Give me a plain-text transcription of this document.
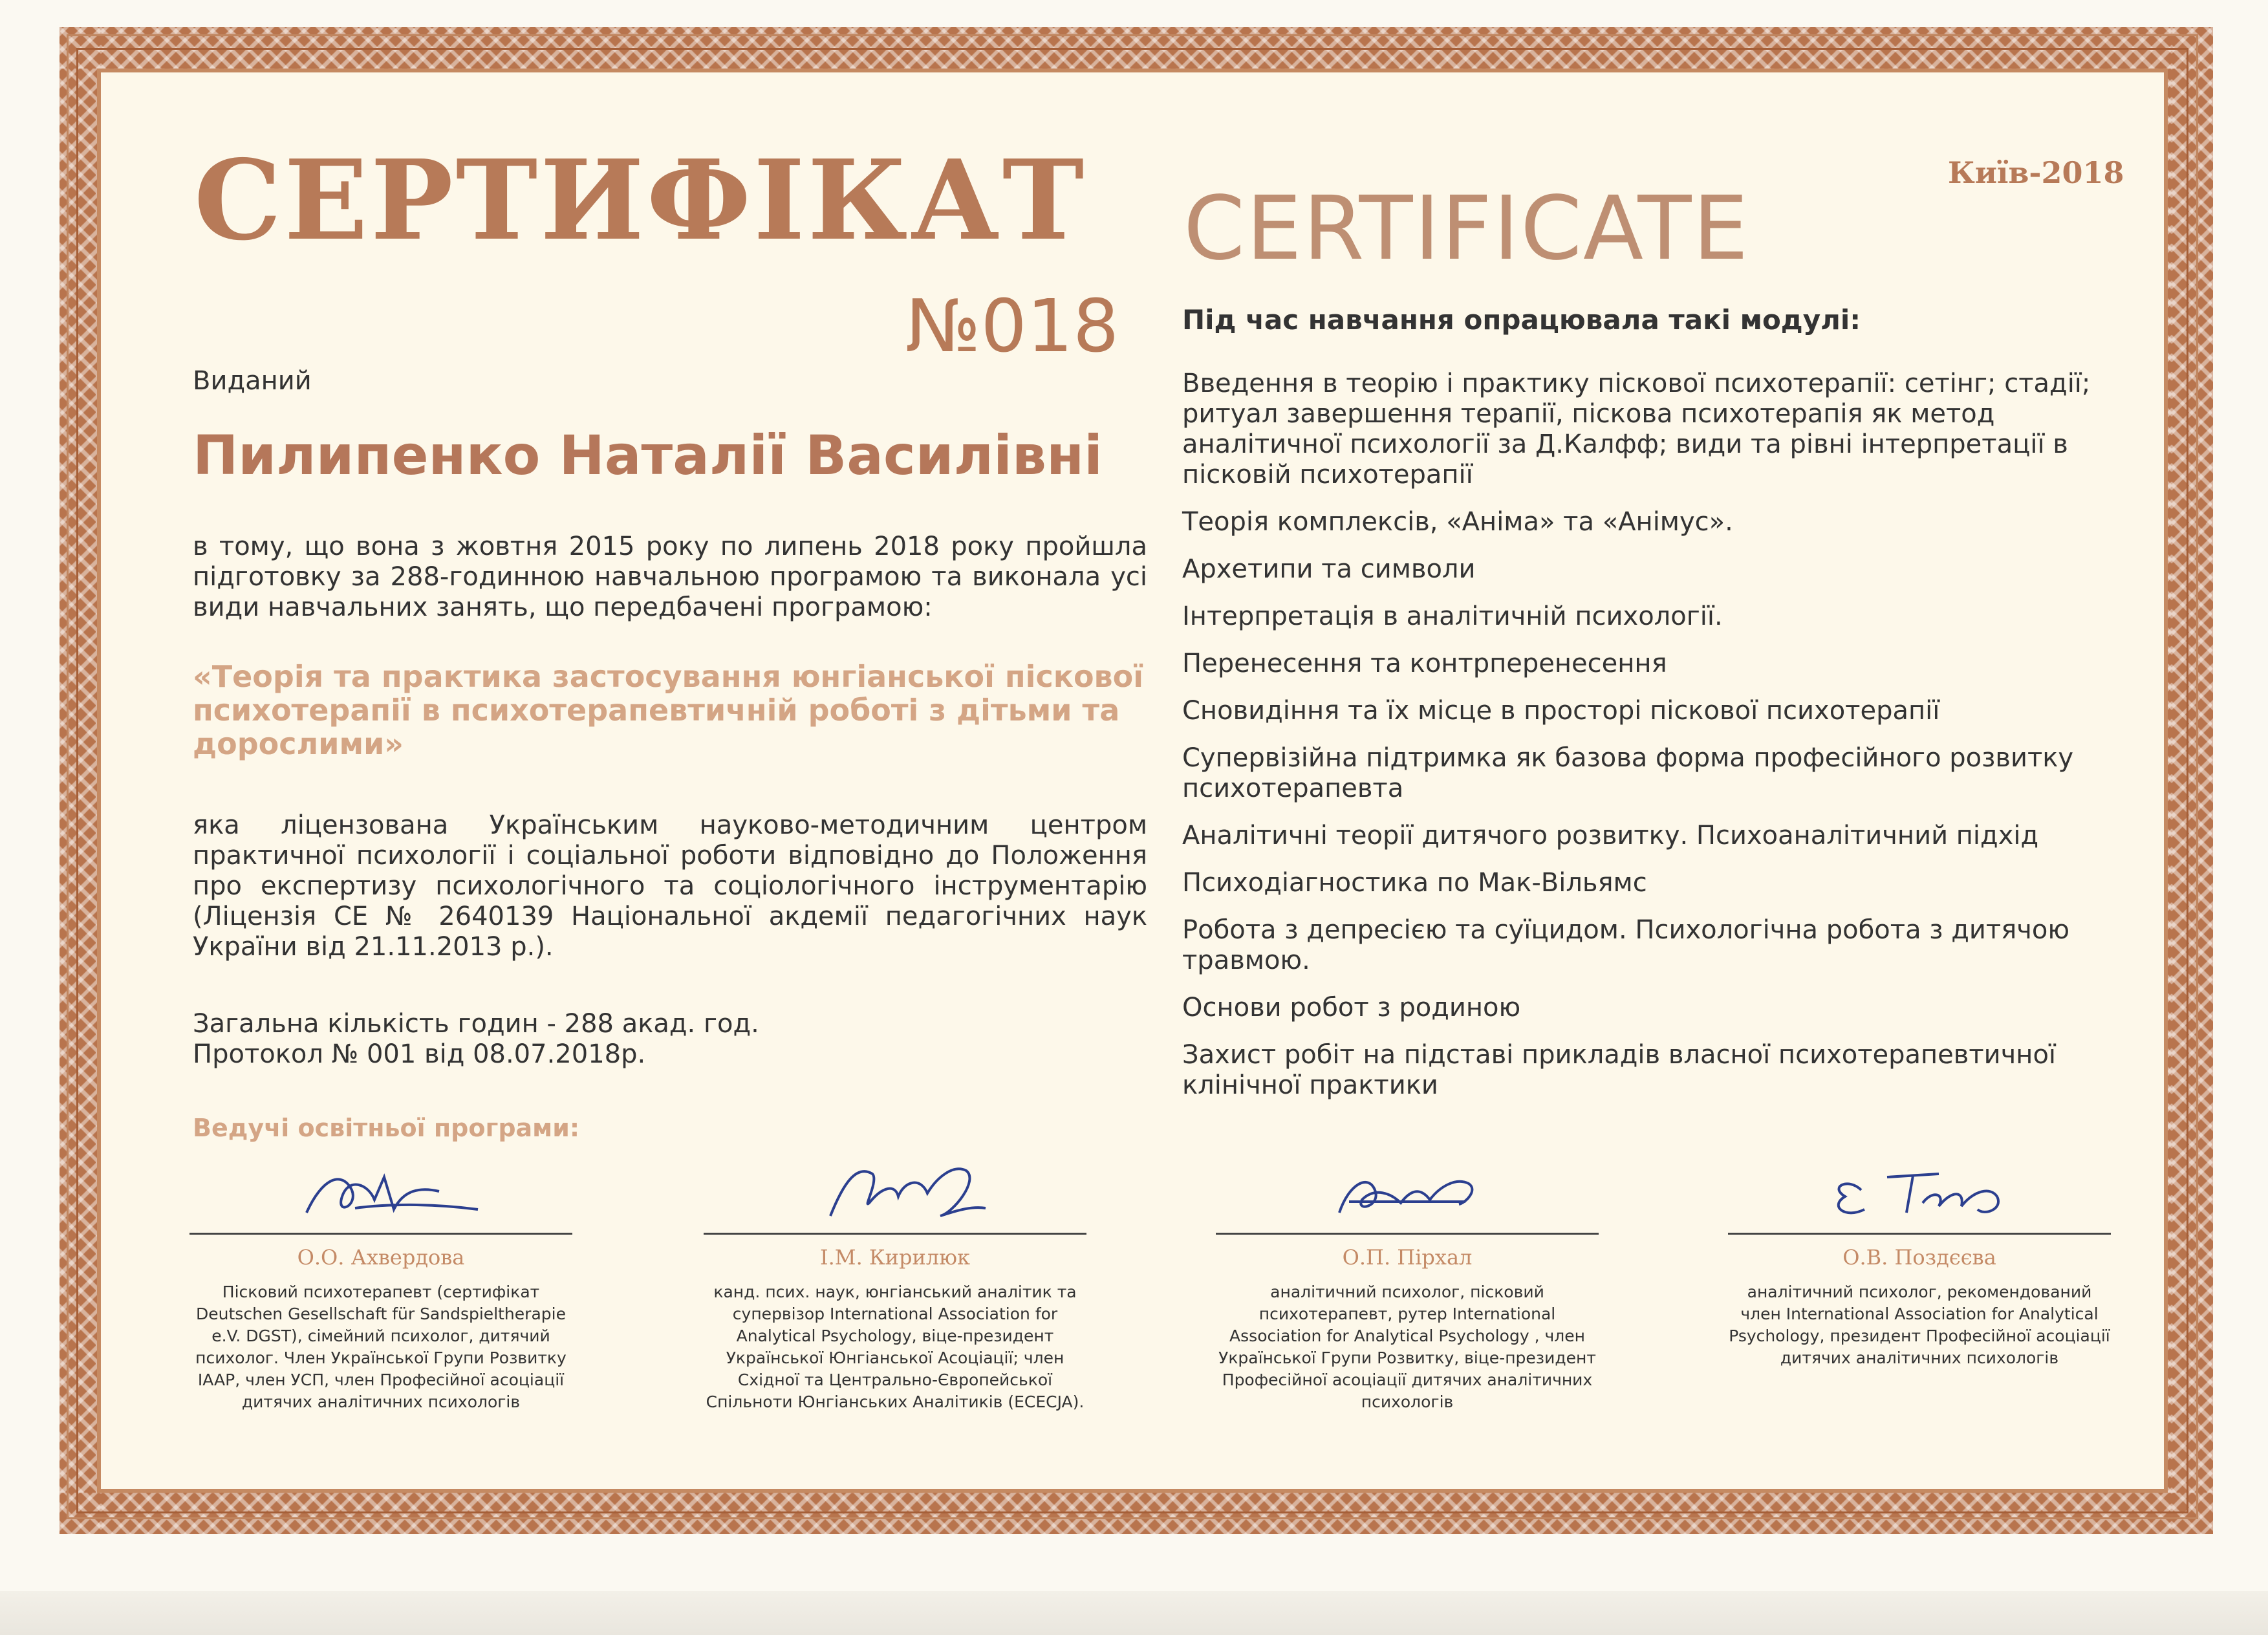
СЕРТИФІКАТ CERTIFICATE
№018
Київ-2018
Виданий
Пилипенко Наталії Василівні
в тому, що вона з жовтня 2015 року по липень 2018 року пройшла підготовку за 288-годинною навчальною програмою та виконала усі види навчальних занять, що передбачені програмою:
«Теорія та практика застосування юнгіанської піскової психотерапії в психотерапевтичній роботі з дітьми та дорослими»
яка ліцензована Українським науково-методичним центром практичної психології і соціальної роботи відповідно до Положення про експертизу психологічного та соціологічного інструментарію (Ліцензія СЕ № 2640139 Національної акдемії педагогічних наук України від 21.11.2013 р.).
Загальна кількість годин - 288 акад. год.
Протокол № 001 від 08.07.2018р.
Ведучі освітньої програми:
Під час навчання опрацювала такі модулі:
Введення в теорію і практику піскової психотерапії: сетінг; стадії; ритуал завершення терапії, піскова психотерапія як метод аналітичної психології за Д.Калфф; види та рівні інтерпретації в пісковій психотерапії
Теорія комплексів, «Аніма» та «Анімус».
Архетипи та символи
Інтерпретація в аналітичній психології.
Перенесення та контрперенесення
Сновидіння та їх місце в просторі піскової психотерапії
Супервізійна підтримка як базова форма професійного розвитку психотерапевта
Аналітичні теорії дитячого розвитку. Психоаналітичний підхід
Психодіагностика по Мак-Вільямс
Робота з депресією та суїцидом. Психологічна робота з дитячою травмою.
Основи робот з родиною
Захист робіт на підставі прикладів власної психотерапевтичної клінічної практики
О.О. Ахвердова
Пісковий психотерапевт (сертифікат Deutschen Gesellschaft für Sandspieltherapie e.V. DGST), сімейний психолог, дитячий психолог. Член Української Групи Розвитку IAAP, член УСП, член Професійної асоціації дитячих аналітичних психологів
І.М. Кирилюк
канд. псих. наук, юнгіанський аналітик та супервізор International Association for Analytical Psychology, віце-президент Української Юнгіанської Асоціації; член Східної та Центрально-Європейської Спільноти Юнгіанських Аналітиків (ECECJA).
О.П. Пірхал
аналітичний психолог, пісковий психотерапевт, рутер International Association for Analytical Psychology , член Української Групи Розвитку, віце-президент Професійної асоціації дитячих аналітичних психологів
О.В. Поздєєва
аналітичний психолог, рекомендований член International Association for Analytical Psychology, президент Професійної асоціації дитячих аналітичних психологів
